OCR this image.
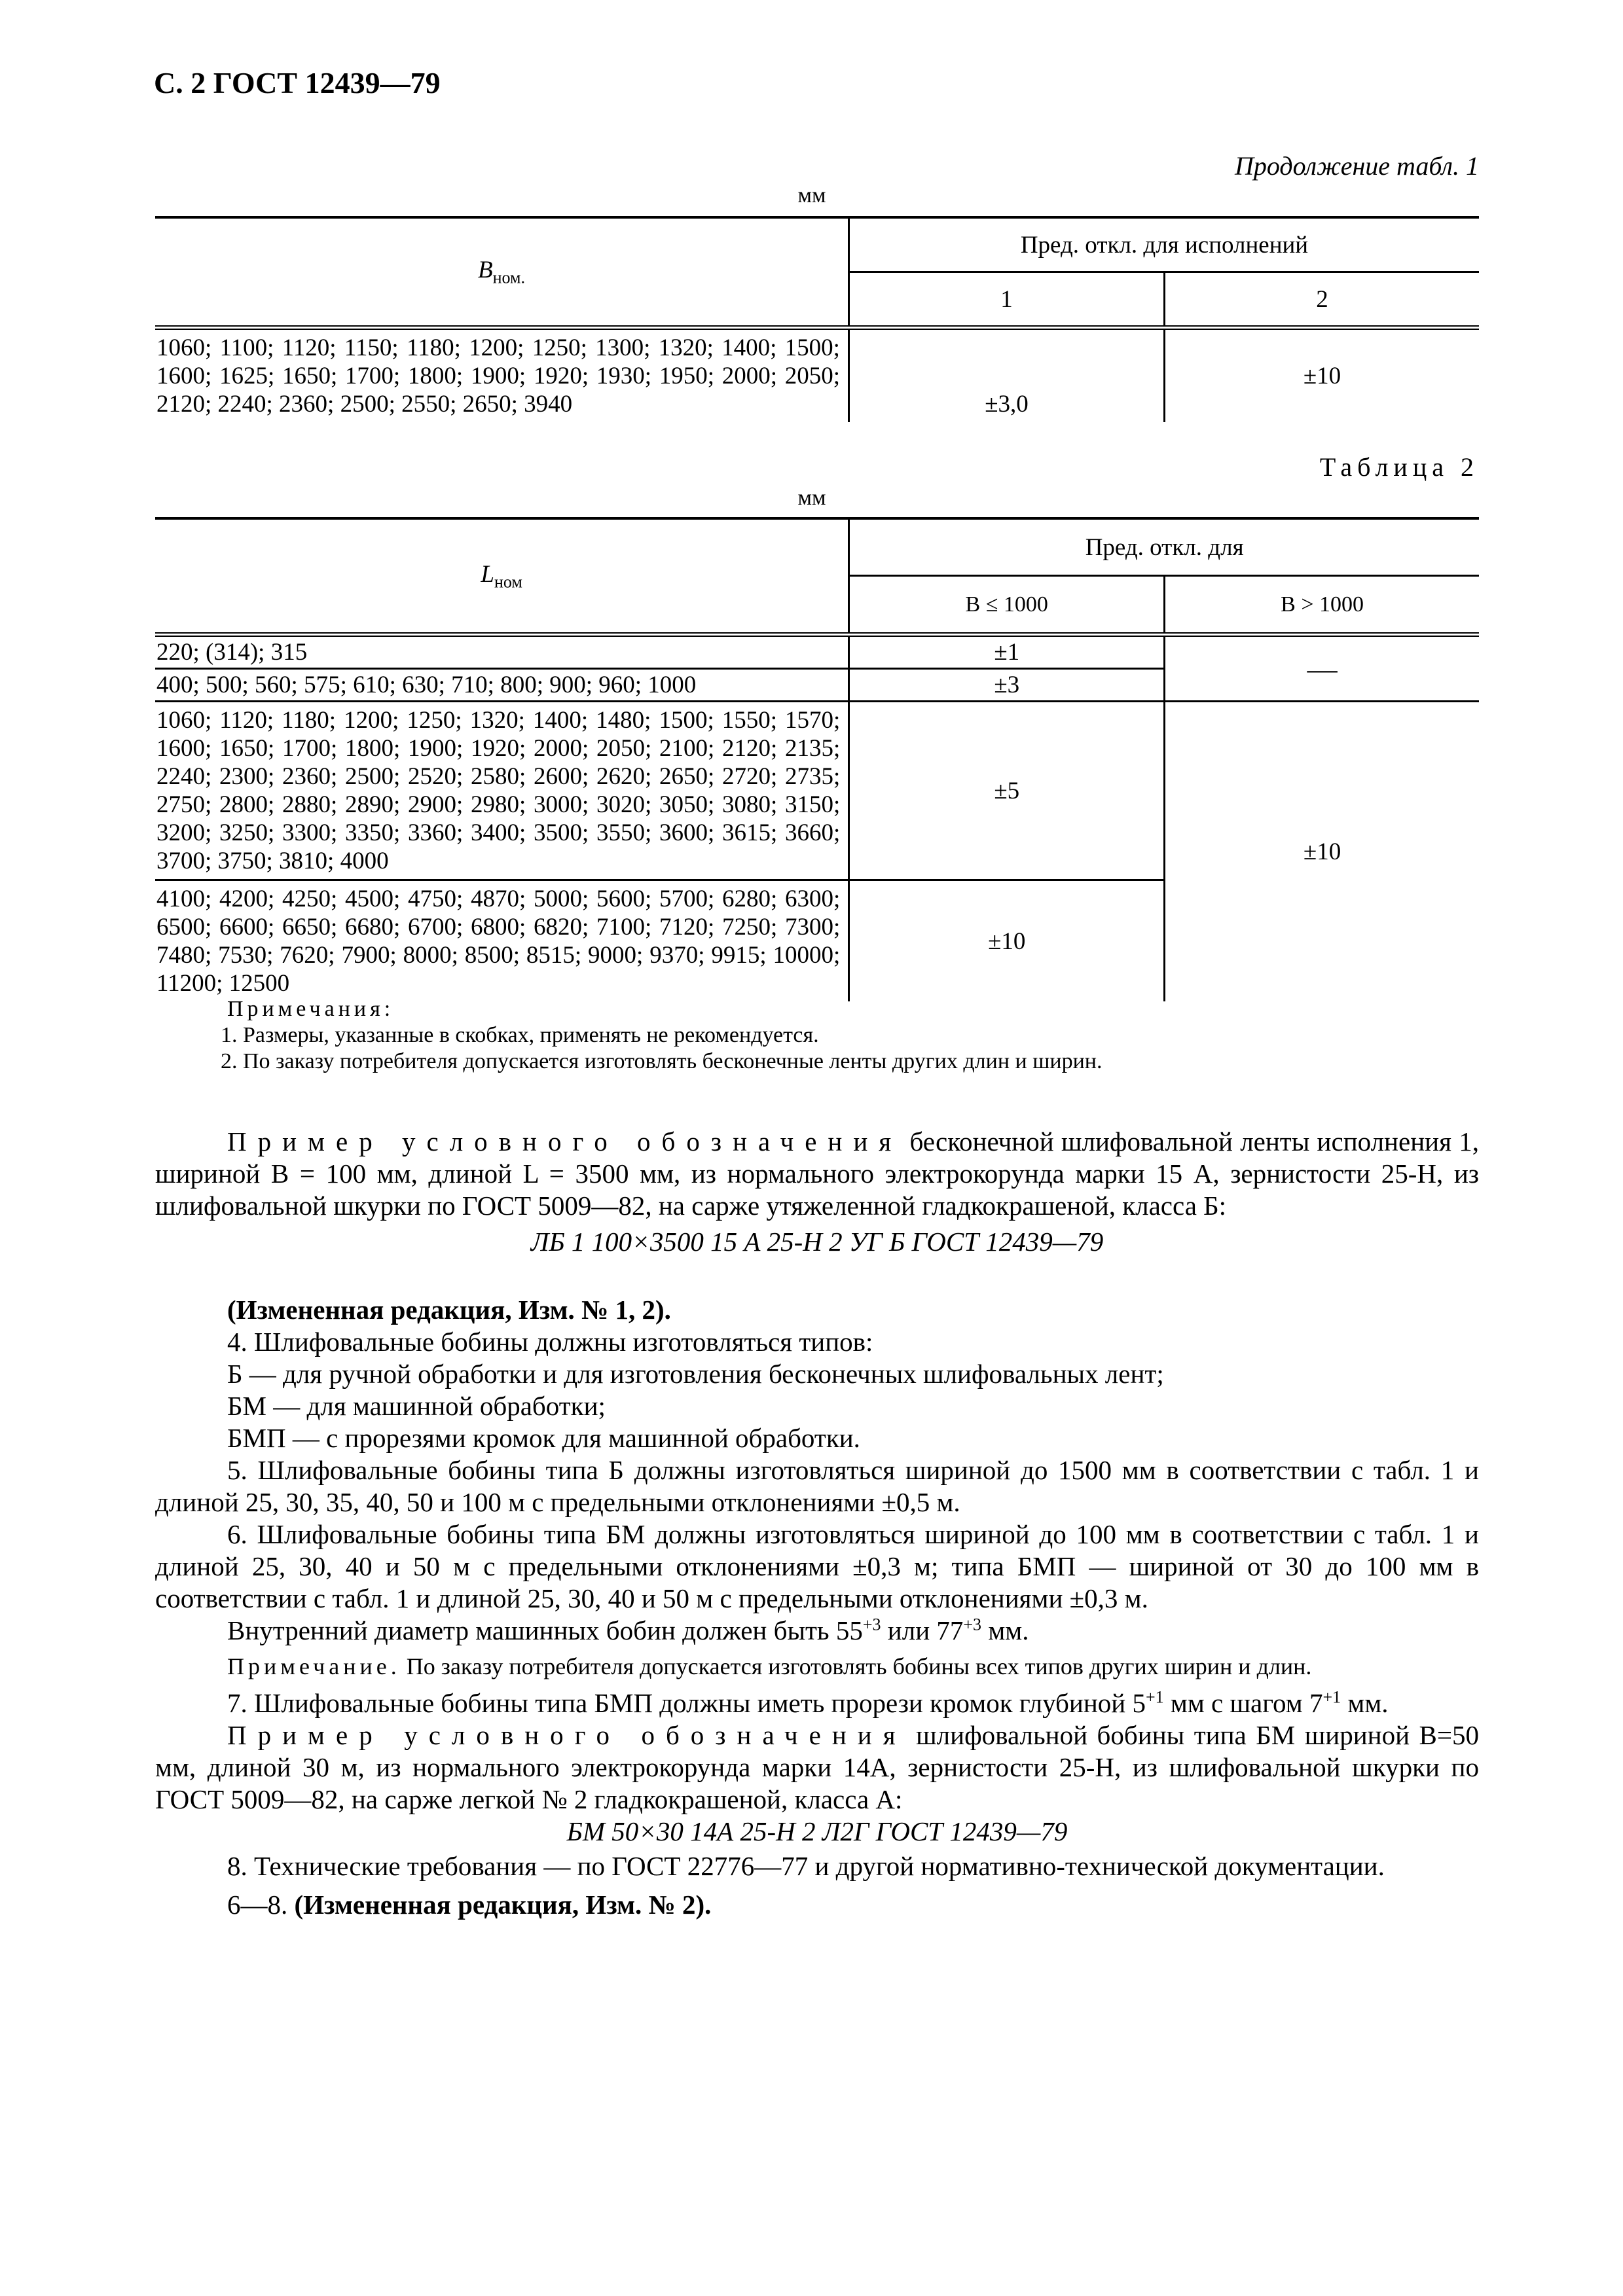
С. 2 ГОСТ 12439—79
Продолжение табл. 1
мм
$B_{ном.}$	Пред. откл. для исполнений	
	1	2
1060; 1100; 1120; 1150; 1180; 1200; 1250; 1300; 1320; 1400; 1500; 1600; 1625; 1650; 1700; 1800; 1900; 1920; 1930; 1950; 2000; 2050; 2120; 2240; 2360; 2500; 2550; 2650; 3940	±3,0	±10
Таблица 2
мм
$L_{ном}$	Пред. откл. для	
	B ≤ 1000	B > 1000
220; (314); 315	±1	—
400; 500; 560; 575; 610; 630; 710; 800; 900; 960; 1000	±3	
1060; 1120; 1180; 1200; 1250; 1320; 1400; 1480; 1500; 1550; 1570; 1600; 1650; 1700; 1800; 1900; 1920; 2000; 2050; 2100; 2120; 2135; 2240; 2300; 2360; 2500; 2520; 2580; 2600; 2620; 2650; 2720; 2735; 2750; 2800; 2880; 2890; 2900; 2980; 3000; 3020; 3050; 3080; 3150; 3200; 3250; 3300; 3350; 3360; 3400; 3500; 3550; 3600; 3615; 3660; 3700; 3750; 3810; 4000	±5	±10
4100; 4200; 4250; 4500; 4750; 4870; 5000; 5600; 5700; 6280; 6300; 6500; 6600; 6650; 6680; 6700; 6800; 6820; 7100; 7120; 7250; 7300; 7480; 7530; 7620; 7900; 8000; 8500; 8515; 9000; 9370; 9915; 10000; 11200; 12500	±10	
Примечания:
1. Размеры, указанные в скобках, применять не рекомендуется.
2. По заказу потребителя допускается изготовлять бесконечные ленты других длин и ширин.
Пример условного обозначения бесконечной шлифовальной ленты исполнения 1, шириной B = 100 мм, длиной L = 3500 мм, из нормального электрокорунда марки 15 А, зернистости 25-Н, из шлифовальной шкурки по ГОСТ 5009—82, на саржe утяжеленной гладкокрашеной, класса Б:
ЛБ 1 100×3500 15 А 25-Н 2 УГ Б ГОСТ 12439—79
(Измененная редакция, Изм. № 1, 2).
4. Шлифовальные бобины должны изготовляться типов:
Б — для ручной обработки и для изготовления бесконечных шлифовальных лент;
БМ — для машинной обработки;
БМП — с прорезями кромок для машинной обработки.
5. Шлифовальные бобины типа Б должны изготовляться шириной до 1500 мм в соответствии с табл. 1 и длиной 25, 30, 35, 40, 50 и 100 м с предельными отклонениями ±0,5 м.
6. Шлифовальные бобины типа БМ должны изготовляться шириной до 100 мм в соответствии с табл. 1 и длиной 25, 30, 40 и 50 м с предельными отклонениями ±0,3 м; типа БМП — шириной от 30 до 100 мм в соответствии с табл. 1 и длиной 25, 30, 40 и 50 м с предельными отклонениями ±0,3 м.
Внутренний диаметр машинных бобин должен быть $55^{+3}$ или $77^{+3}$ мм.
Примечание. По заказу потребителя допускается изготовлять бобины всех типов других ширин и длин.
7. Шлифовальные бобины типа БМП должны иметь прорези кромок глубиной $5^{+1}$ мм с шагом $7^{+1}$ мм.
Пример условного обозначения шлифовальной бобины типа БМ шириной B=50 мм, длиной 30 м, из нормального электрокорунда марки 14А, зернистости 25-Н, из шлифовальной шкурки по ГОСТ 5009—82, на саржe легкой № 2 гладкокрашеной, класса А:
БМ 50×30 14А 25-Н 2 Л2Г ГОСТ 12439—79
8. Технические требования — по ГОСТ 22776—77 и другой нормативно-технической документации.
6—8. (Измененная редакция, Изм. № 2).
